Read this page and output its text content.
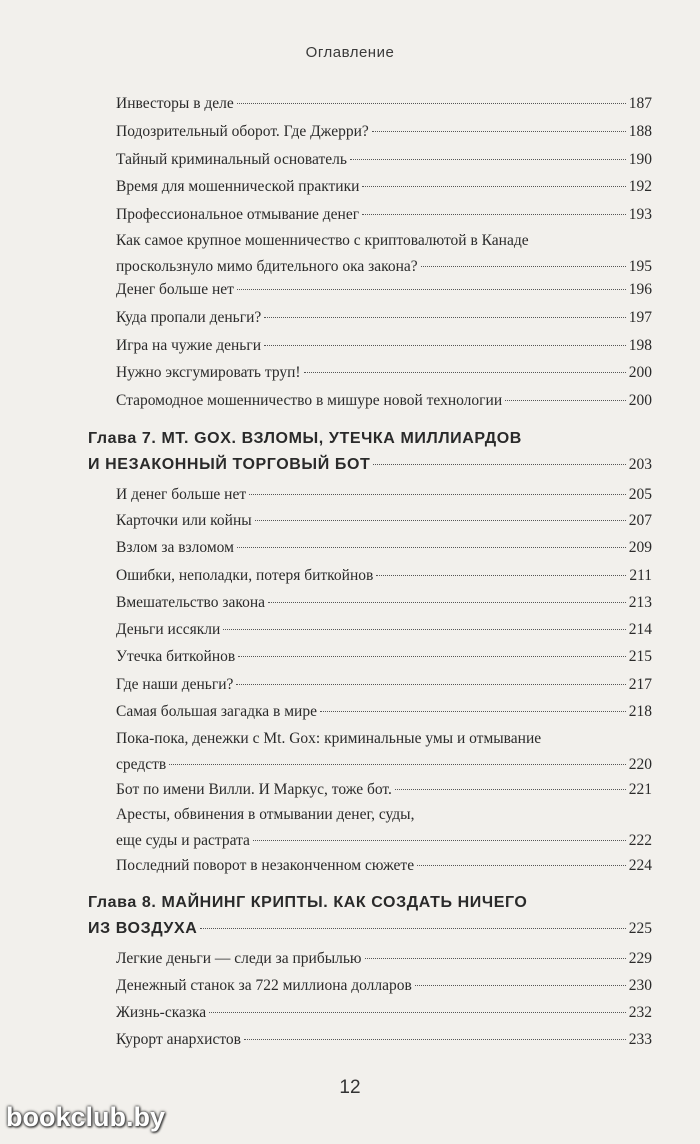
Оглавление
Инвесторы в деле	187
Подозрительный оборот. Где Джерри?	188
Тайный криминальный основатель	190
Время для мошеннической практики	192
Профессиональное отмывание денег	193
Как самое крупное мошенничество с криптовалютой в Канаде
проскользнуло мимо бдительного ока закона?	195
Денег больше нет	196
Куда пропали деньги?	197
Игра на чужие деньги	198
Нужно эксгумировать труп!	200
Старомодное мошенничество в мишуре новой технологии	200
Глава 7. MT. GOX. ВЗЛОМЫ, УТЕЧКА МИЛЛИАРДОВ
И НЕЗАКОННЫЙ ТОРГОВЫЙ БОТ	203
И денег больше нет	205
Карточки или койны	207
Взлом за взломом	209
Ошибки, неполадки, потеря биткойнов	211
Вмешательство закона	213
Деньги иссякли	214
Утечка биткойнов	215
Где наши деньги?	217
Самая большая загадка в мире	218
Пока-пока, денежки с Mt. Gox: криминальные умы и отмывание
средств	220
Бот по имени Вилли. И Маркус, тоже бот.	221
Аресты, обвинения в отмывании денег, суды,
еще суды и растрата	222
Последний поворот в незаконченном сюжете	224
Глава 8. МАЙНИНГ КРИПТЫ. КАК СОЗДАТЬ НИЧЕГО
ИЗ ВОЗДУХА	225
Легкие деньги — следи за прибылью	229
Денежный станок за 722 миллиона долларов	230
Жизнь-сказка	232
Курорт анархистов	233
12
bookclub.by
